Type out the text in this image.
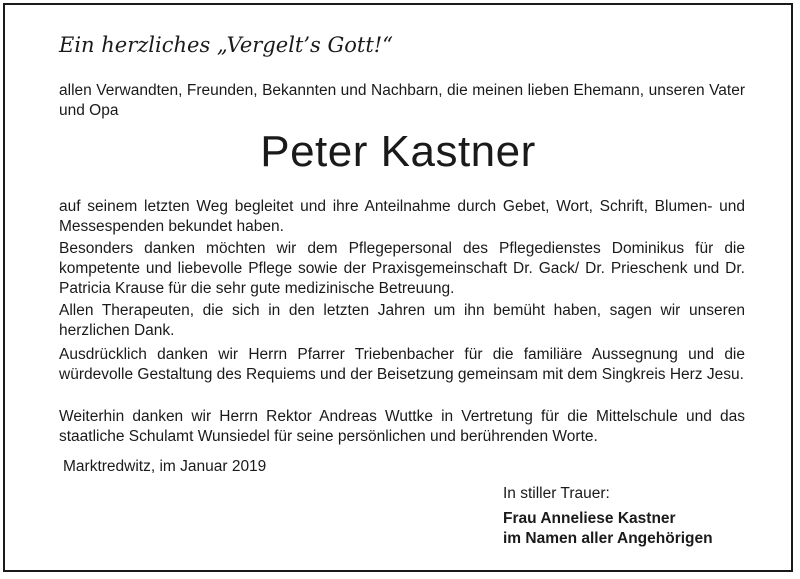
Ein herzliches „Vergelt’s Gott!“

allen Verwandten, Freunden, Bekannten und Nachbarn, die meinen lieben Ehemann, unseren Vater und Opa

Peter Kastner

auf seinem letzten Weg begleitet und ihre Anteilnahme durch Gebet, Wort, Schrift, Blumen- und Messespenden bekundet haben.

Besonders danken möchten wir dem Pflegepersonal des Pflegedienstes Dominikus für die kompetente und liebevolle Pflege sowie der Praxisgemeinschaft Dr. Gack/ Dr. Prieschenk und Dr. Patricia Krause für die sehr gute medizinische Betreuung.

Allen Therapeuten, die sich in den letzten Jahren um ihn bemüht haben, sagen wir unseren herzlichen Dank.

Ausdrücklich danken wir Herrn Pfarrer Triebenbacher für die familiäre Aussegnung und die würdevolle Gestaltung des Requiems und der Beisetzung gemeinsam mit dem Singkreis Herz Jesu.

Weiterhin danken wir Herrn Rektor Andreas Wuttke in Vertretung für die Mittelschule und das staatliche Schulamt Wunsiedel für seine persönlichen und berührenden Worte.

Marktredwitz, im Januar 2019
In stiller Trauer:
Frau Anneliese Kastner
im Namen aller Angehörigen
